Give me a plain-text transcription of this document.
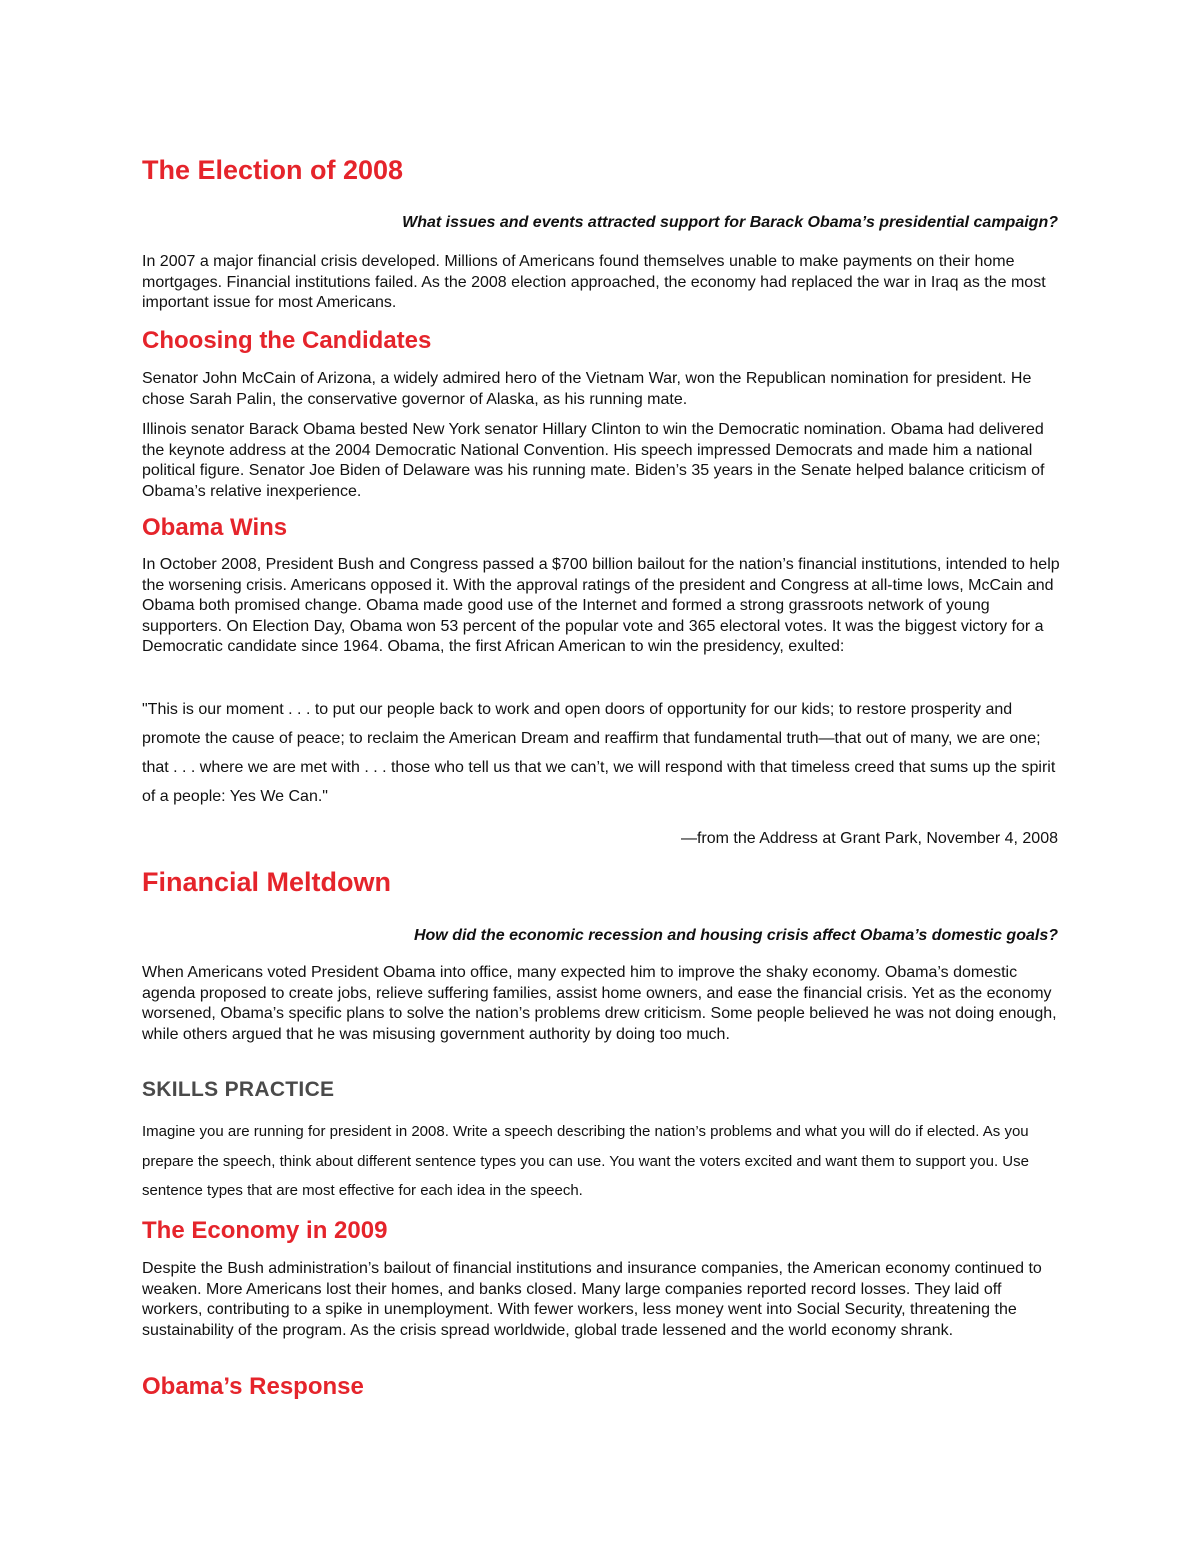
The Election of 2008

What issues and events attracted support for Barack Obama’s presidential campaign?

In 2007 a major financial crisis developed. Millions of Americans found themselves unable to make payments on their home mortgages. Financial institutions failed. As the 2008 election approached, the economy had replaced the war in Iraq as the most important issue for most Americans.

Choosing the Candidates

Senator John McCain of Arizona, a widely admired hero of the Vietnam War, won the Republican nomination for president. He chose Sarah Palin, the conservative governor of Alaska, as his running mate.

Illinois senator Barack Obama bested New York senator Hillary Clinton to win the Democratic nomination. Obama had delivered the keynote address at the 2004 Democratic National Convention. His speech impressed Democrats and made him a national political figure. Senator Joe Biden of Delaware was his running mate. Biden’s 35 years in the Senate helped balance criticism of Obama’s relative inexperience.

Obama Wins

In October 2008, President Bush and Congress passed a $700 billion bailout for the nation’s financial institutions, intended to help the worsening crisis. Americans opposed it. With the approval ratings of the president and Congress at all-time lows, McCain and Obama both promised change. Obama made good use of the Internet and formed a strong grassroots network of young supporters. On Election Day, Obama won 53 percent of the popular vote and 365 electoral votes. It was the biggest victory for a Democratic candidate since 1964. Obama, the first African American to win the presidency, exulted:

"This is our moment . . . to put our people back to work and open doors of opportunity for our kids; to restore prosperity and promote the cause of peace; to reclaim the American Dream and reaffirm that fundamental truth—that out of many, we are one; that . . . where we are met with . . . those who tell us that we can’t, we will respond with that timeless creed that sums up the spirit of a people: Yes We Can."

—from the Address at Grant Park, November 4, 2008

Financial Meltdown

How did the economic recession and housing crisis affect Obama’s domestic goals?

When Americans voted President Obama into office, many expected him to improve the shaky economy. Obama’s domestic agenda proposed to create jobs, relieve suffering families, assist home owners, and ease the financial crisis. Yet as the economy worsened, Obama’s specific plans to solve the nation’s problems drew criticism. Some people believed he was not doing enough, while others argued that he was misusing government authority by doing too much.

SKILLS PRACTICE

Imagine you are running for president in 2008. Write a speech describing the nation’s problems and what you will do if elected. As you prepare the speech, think about different sentence types you can use. You want the voters excited and want them to support you. Use sentence types that are most effective for each idea in the speech.

The Economy in 2009

Despite the Bush administration’s bailout of financial institutions and insurance companies, the American economy continued to weaken. More Americans lost their homes, and banks closed. Many large companies reported record losses. They laid off workers, contributing to a spike in unemployment. With fewer workers, less money went into Social Security, threatening the sustainability of the program. As the crisis spread worldwide, global trade lessened and the world economy shrank.

Obama’s Response
